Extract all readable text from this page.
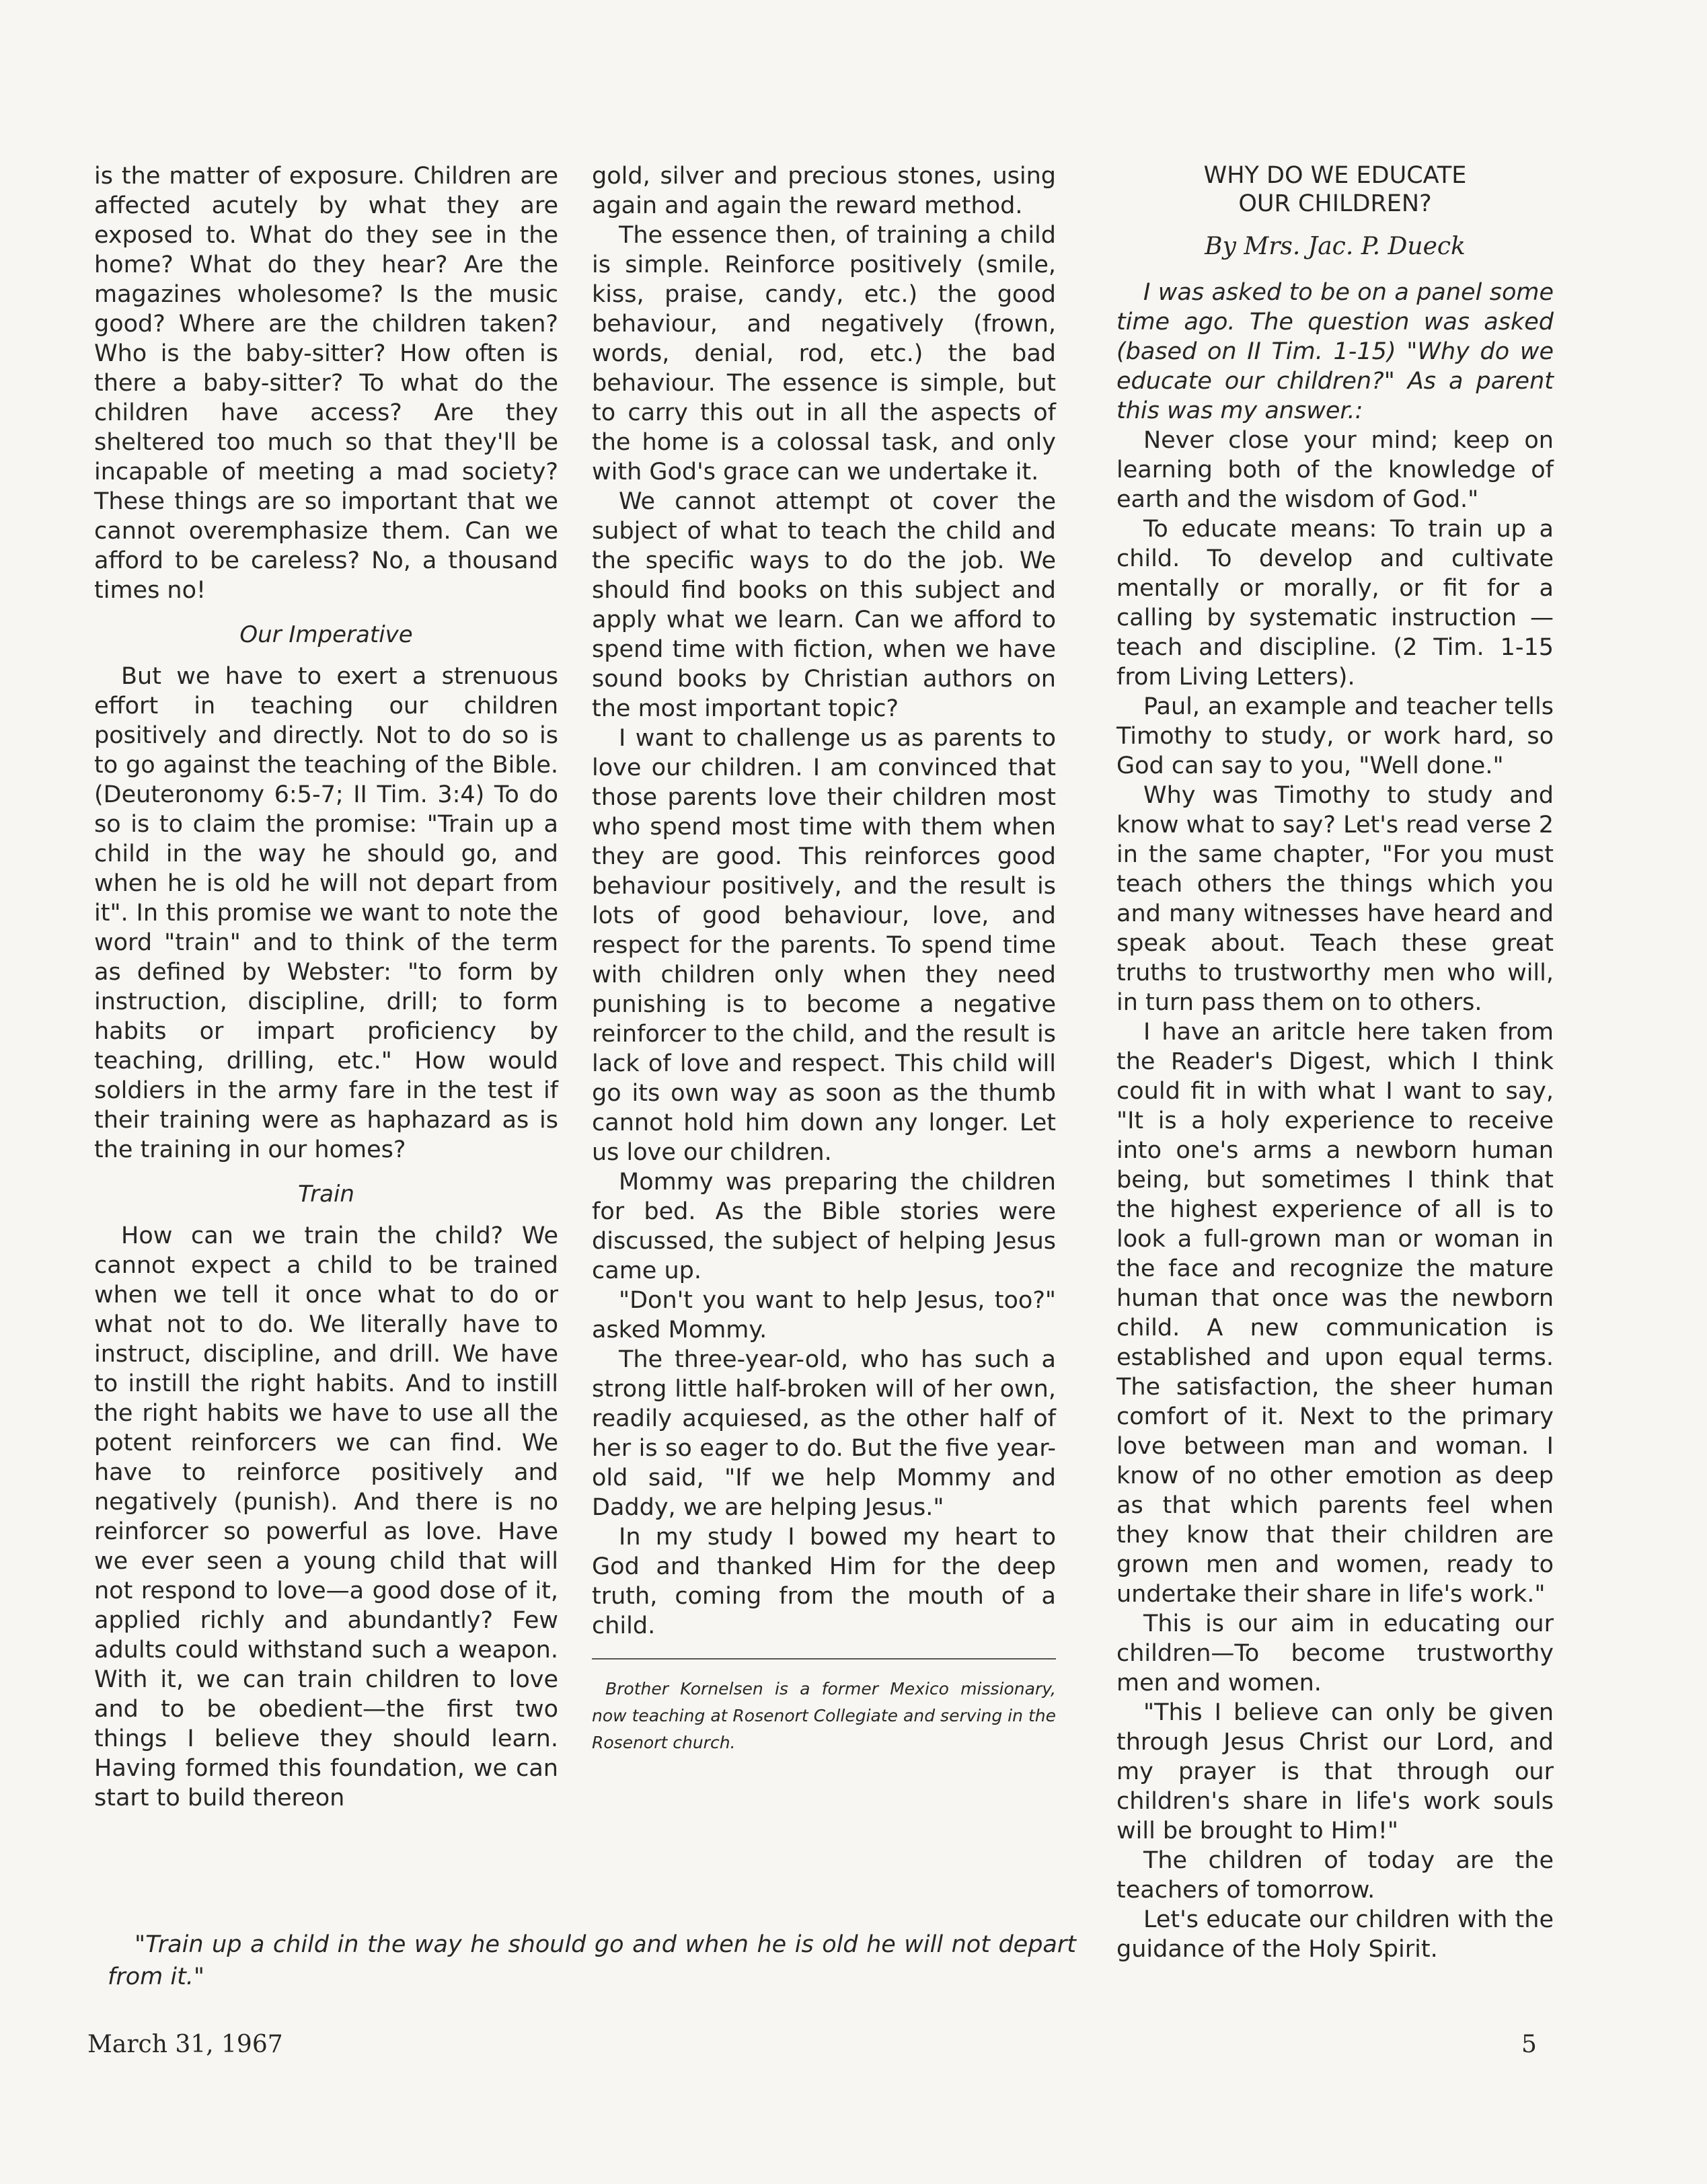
is the matter of exposure. Children are affected acutely by what they are exposed to. What do they see in the home? What do they hear? Are the magazines wholesome? Is the music good? Where are the children taken? Who is the baby-sitter? How often is there a baby-sitter? To what do the children have access? Are they sheltered too much so that they'll be incapable of meeting a mad society? These things are so important that we cannot overemphasize them. Can we afford to be careless? No, a thousand times no!

Our Imperative

But we have to exert a strenuous effort in teaching our children positively and directly. Not to do so is to go against the teaching of the Bible. (Deuteronomy 6:5-7; II Tim. 3:4) To do so is to claim the promise: "Train up a child in the way he should go, and when he is old he will not depart from it". In this promise we want to note the word "train" and to think of the term as defined by Webster: "to form by instruction, discipline, drill; to form habits or impart proficiency by teaching, drilling, etc." How would soldiers in the army fare in the test if their training were as haphazard as is the training in our homes?

Train

How can we train the child? We cannot expect a child to be trained when we tell it once what to do or what not to do. We literally have to instruct, discipline, and drill. We have to instill the right habits. And to instill the right habits we have to use all the potent reinforcers we can find. We have to reinforce positively and negatively (punish). And there is no reinforcer so powerful as love. Have we ever seen a young child that will not respond to love—a good dose of it, applied richly and abundantly? Few adults could withstand such a weapon. With it, we can train children to love and to be obedient—the first two things I believe they should learn. Having formed this foundation, we can start to build thereon

gold, silver and precious stones, using again and again the reward method.

The essence then, of training a child is simple. Reinforce positively (smile, kiss, praise, candy, etc.) the good behaviour, and negatively (frown, words, denial, rod, etc.) the bad behaviour. The essence is simple, but to carry this out in all the aspects of the home is a colossal task, and only with God's grace can we undertake it.

We cannot attempt ot cover the subject of what to teach the child and the specific ways to do the job. We should find books on this subject and apply what we learn. Can we afford to spend time with fiction, when we have sound books by Christian authors on the most important topic?

I want to challenge us as parents to love our children. I am convinced that those parents love their children most who spend most time with them when they are good. This reinforces good behaviour positively, and the result is lots of good behaviour, love, and respect for the parents. To spend time with children only when they need punishing is to become a negative reinforcer to the child, and the result is lack of love and respect. This child will go its own way as soon as the thumb cannot hold him down any longer. Let us love our children.

Mommy was preparing the children for bed. As the Bible stories were discussed, the subject of helping Jesus came up.

"Don't you want to help Jesus, too?" asked Mommy.

The three-year-old, who has such a strong little half-broken will of her own, readily acquiesed, as the other half of her is so eager to do. But the five year-old said, "If we help Mommy and Daddy, we are helping Jesus."

In my study I bowed my heart to God and thanked Him for the deep truth, coming from the mouth of a child.

Brother Kornelsen is a former Mexico missionary, now teaching at Rosenort Collegiate and serving in the Rosenort church.

WHY DO WE EDUCATE
OUR CHILDREN?
By Mrs. Jac. P. Dueck

I was asked to be on a panel some time ago. The question was asked (based on II Tim. 1-15) "Why do we educate our children?" As a parent this was my answer.:

Never close your mind; keep on learning both of the knowledge of earth and the wisdom of God."

To educate means: To train up a child. To develop and cultivate mentally or morally, or fit for a calling by systematic instruction — teach and discipline. (2 Tim. 1-15 from Living Letters).

Paul, an example and teacher tells Timothy to study, or work hard, so God can say to you, "Well done."

Why was Timothy to study and know what to say? Let's read verse 2 in the same chapter, "For you must teach others the things which you and many witnesses have heard and speak about. Teach these great truths to trustworthy men who will, in turn pass them on to others.

I have an aritcle here taken from the Reader's Digest, which I think could fit in with what I want to say, "It is a holy experience to receive into one's arms a newborn human being, but sometimes I think that the highest experience of all is to look a full-grown man or woman in the face and recognize the mature human that once was the newborn child. A new communication is established and upon equal terms. The satisfaction, the sheer human comfort of it. Next to the primary love between man and woman. I know of no other emotion as deep as that which parents feel when they know that their children are grown men and women, ready to undertake their share in life's work."

This is our aim in educating our children—To become trustworthy men and women.

"This I believe can only be given through Jesus Christ our Lord, and my prayer is that through our children's share in life's work souls will be brought to Him!"

The children of today are the teachers of tomorrow.

Let's educate our children with the guidance of the Holy Spirit.

"Train up a child in the way he should go and when he is old he will not depart from it."

March 31, 1967	5
